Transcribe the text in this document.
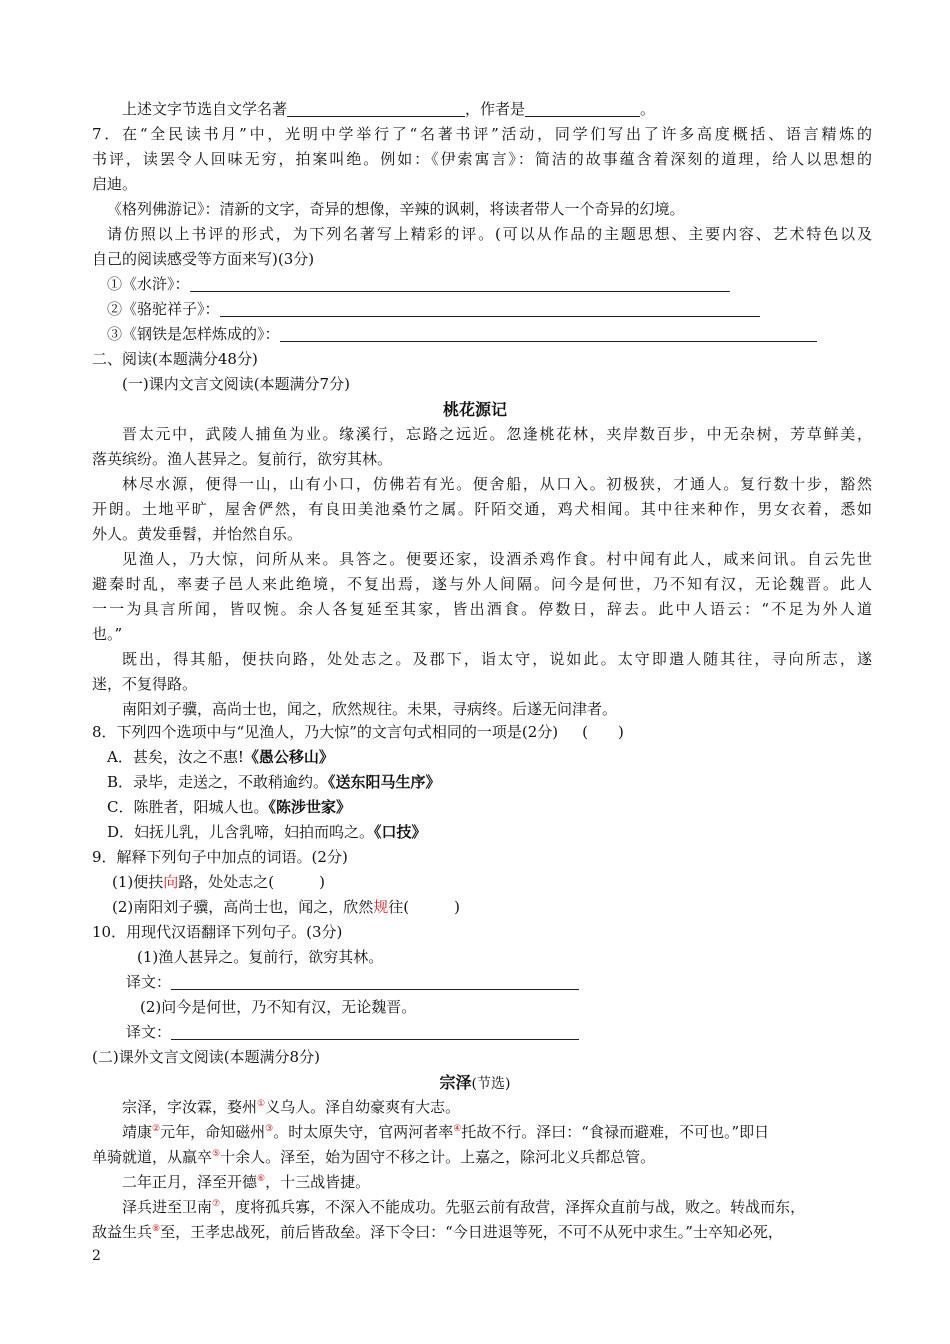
上述文字节选自文学名著	，作者是	。
7．在“全民读书月”中，光明中学举行了“名著书评”活动，同学们写出了许多高度概括、语言精炼的
书评，读罢令人回味无穷，拍案叫绝。例如：《伊索寓言》：简洁的故事蕴含着深刻的道理，给人以思想的
启迪。
《格列佛游记》：清新的文字，奇异的想像，辛辣的讽刺，将读者带人一个奇异的幻境。
请仿照以上书评的形式，为下列名著写上精彩的评。(可以从作品的主题思想、主要内容、艺术特色以及
自己的阅读感受等方面来写)(3分)
①《水浒》：
②《骆驼祥子》：
③《钢铁是怎样炼成的》：
二、阅读(本题满分48分)
(一)课内文言文阅读(本题满分7分)
桃花源记
晋太元中，武陵人捕鱼为业。缘溪行，忘路之远近。忽逢桃花林，夹岸数百步，中无杂树，芳草鲜美，
落英缤纷。渔人甚异之。复前行，欲穷其林。
林尽水源，便得一山，山有小口，仿佛若有光。便舍船，从口入。初极狭，才通人。复行数十步，豁然
开朗。土地平旷，屋舍俨然，有良田美池桑竹之属。阡陌交通，鸡犬相闻。其中往来种作，男女衣着，悉如
外人。黄发垂髫，并怡然自乐。
见渔人，乃大惊，问所从来。具答之。便要还家，设酒杀鸡作食。村中闻有此人，咸来问讯。自云先世
避秦时乱，率妻子邑人来此绝境，不复出焉，遂与外人间隔。问今是何世，乃不知有汉，无论魏晋。此人
一一为具言所闻，皆叹惋。余人各复延至其家，皆出酒食。停数日，辞去。此中人语云：“不足为外人道
也。”
既出，得其船，便扶向路，处处志之。及郡下，诣太守，说如此。太守即遣人随其往，寻向所志，遂
迷，不复得路。
南阳刘子骥，高尚士也，闻之，欣然规往。未果，寻病终。后遂无问津者。
8．下列四个选项中与“见渔人，乃大惊”的文言句式相同的一项是(2分) (　　)
A．甚矣，汝之不惠!《愚公移山》
B．录毕，走送之，不敢稍逾约。《送东阳马生序》
C．陈胜者，阳城人也。《陈涉世家》
D．妇抚儿乳，儿含乳啼，妇拍而呜之。《口技》
9．解释下列句子中加点的词语。(2分)
(1)便扶向路，处处志之(　　　)
(2)南阳刘子骥，高尚士也，闻之，欣然规往(　　　)
10．用现代汉语翻译下列句子。(3分)
(1)渔人甚异之。复前行，欲穷其林。
译文：
(2)问今是何世，乃不知有汉，无论魏晋。
译文：
(二)课外文言文阅读(本题满分8分)
宗泽(节选)
宗泽，字汝霖，婺州①义乌人。泽自幼豪爽有大志。
靖康②元年，命知磁州③。时太原失守，官两河者率④托故不行。泽曰：“食禄而避难，不可也。”即日
单骑就道，从羸卒⑤十余人。泽至，始为固守不移之计。上嘉之，除河北义兵都总管。
二年正月，泽至开德⑥，十三战皆捷。
泽兵进至卫南⑦，度将孤兵寡，不深入不能成功。先驱云前有敌营，泽挥众直前与战，败之。转战而东，
敌益生兵⑧至，王孝忠战死，前后皆敌垒。泽下令曰：“今日进退等死，不可不从死中求生。”士卒知必死，
2
